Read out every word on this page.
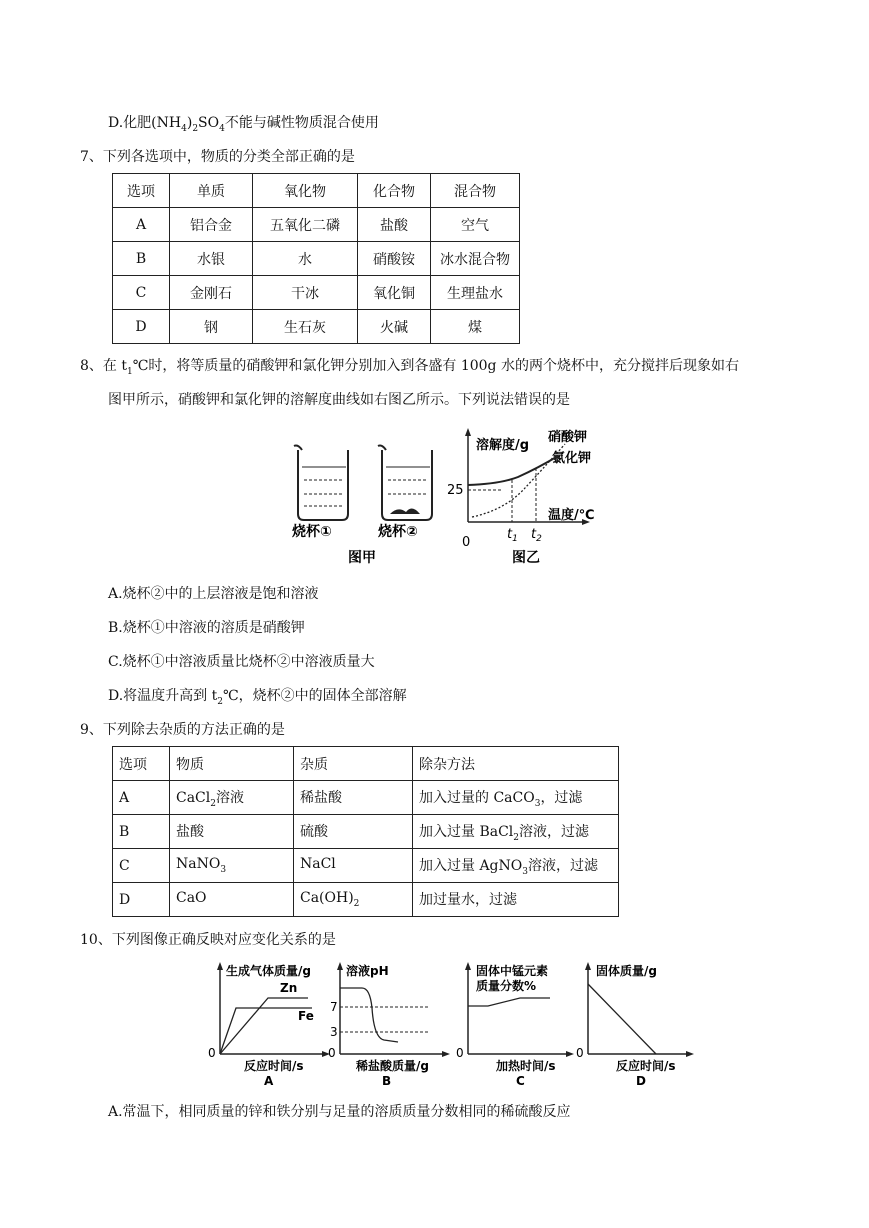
D.化肥$(NH_4)_2SO_4$不能与碱性物质混合使用
7、下列各选项中，物质的分类全部正确的是
选项	单质	氧化物	化合物	混合物
A	铝合金	五氧化二磷	盐酸	空气
B	水银	水	硝酸铵	冰水混合物
C	金刚石	干冰	氧化铜	生理盐水
D	钢	生石灰	火碱	煤
8、在 $t_1℃$时，将等质量的硝酸钾和氯化钾分别加入到各盛有 100g 水的两个烧杯中，充分搅拌后现象如右
图甲所示，硝酸钾和氯化钾的溶解度曲线如右图乙所示。下列说法错误的是
烧杯①	烧杯②
图甲
溶解度/g
硝酸钾
氯化钾
25
温度/℃
0
$t_1$ $t_2$
图乙
A.烧杯②中的上层溶液是饱和溶液
B.烧杯①中溶液的溶质是硝酸钾
C.烧杯①中溶液质量比烧杯②中溶液质量大
D.将温度升高到 $t_2℃$，烧杯②中的固体全部溶解
9、下列除去杂质的方法正确的是
选项	物质	杂质	除杂方法
A	CaCl$_2$溶液	稀盐酸	加入过量的 CaCO$_3$，过滤
B	盐酸	硫酸	加入过量 BaCl$_2$溶液，过滤
C	NaNO$_3$	NaCl	加入过量 AgNO$_3$溶液，过滤
D	CaO	$Ca(OH)_2$	加过量水，过滤
10、下列图像正确反映对应变化关系的是
生成气体质量/g
Zn
Fe
0
反应时间/s
A
溶液pH
7
3
0
稀盐酸质量/g
B
固体中锰元素
质量分数%
0
加热时间/s
C
固体质量/g
0
反应时间/s
D
A.常温下，相同质量的锌和铁分别与足量的溶质质量分数相同的稀硫酸反应
